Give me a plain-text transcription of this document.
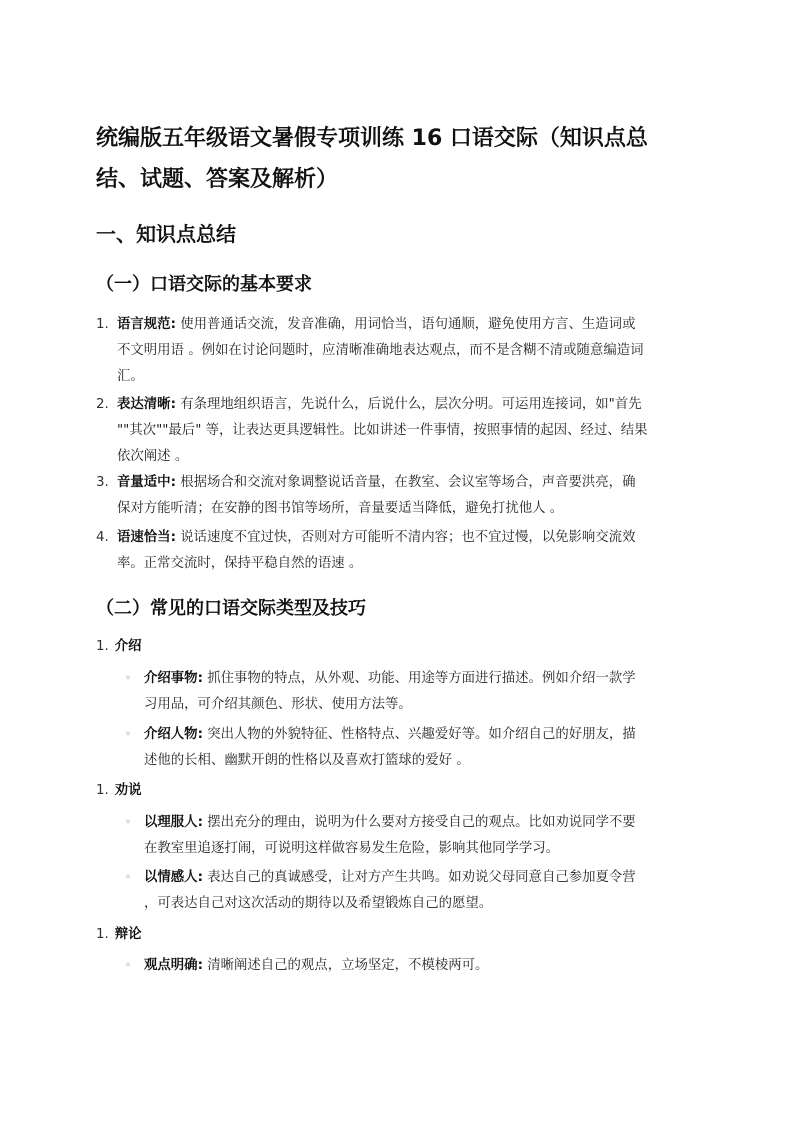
统编版五年级语文暑假专项训练 16 口语交际（知识点总
结、试题、答案及解析）
一、知识点总结
（一）口语交际的基本要求
1. 语言规范: 使用普通话交流，发音准确，用词恰当，语句通顺，避免使用方言、生造词或
不文明用语 。例如在讨论问题时，应清晰准确地表达观点，而不是含糊不清或随意编造词
汇。
2. 表达清晰: 有条理地组织语言，先说什么，后说什么，层次分明。可运用连接词，如"首先
""其次""最后" 等，让表达更具逻辑性。比如讲述一件事情，按照事情的起因、经过、结果
依次阐述 。
3. 音量适中: 根据场合和交流对象调整说话音量，在教室、会议室等场合，声音要洪亮，确
保对方能听清；在安静的图书馆等场所，音量要适当降低，避免打扰他人 。
4. 语速恰当: 说话速度不宜过快，否则对方可能听不清内容；也不宜过慢，以免影响交流效
率。正常交流时，保持平稳自然的语速 。
（二）常见的口语交际类型及技巧
1. 介绍
◦ 介绍事物: 抓住事物的特点，从外观、功能、用途等方面进行描述。例如介绍一款学
习用品，可介绍其颜色、形状、使用方法等。
◦ 介绍人物: 突出人物的外貌特征、性格特点、兴趣爱好等。如介绍自己的好朋友，描
述他的长相、幽默开朗的性格以及喜欢打篮球的爱好 。
1. 劝说
◦ 以理服人: 摆出充分的理由，说明为什么要对方接受自己的观点。比如劝说同学不要
在教室里追逐打闹，可说明这样做容易发生危险，影响其他同学学习。
◦ 以情感人: 表达自己的真诚感受，让对方产生共鸣。如劝说父母同意自己参加夏令营
，可表达自己对这次活动的期待以及希望锻炼自己的愿望。
1. 辩论
◦ 观点明确: 清晰阐述自己的观点，立场坚定，不模棱两可。
